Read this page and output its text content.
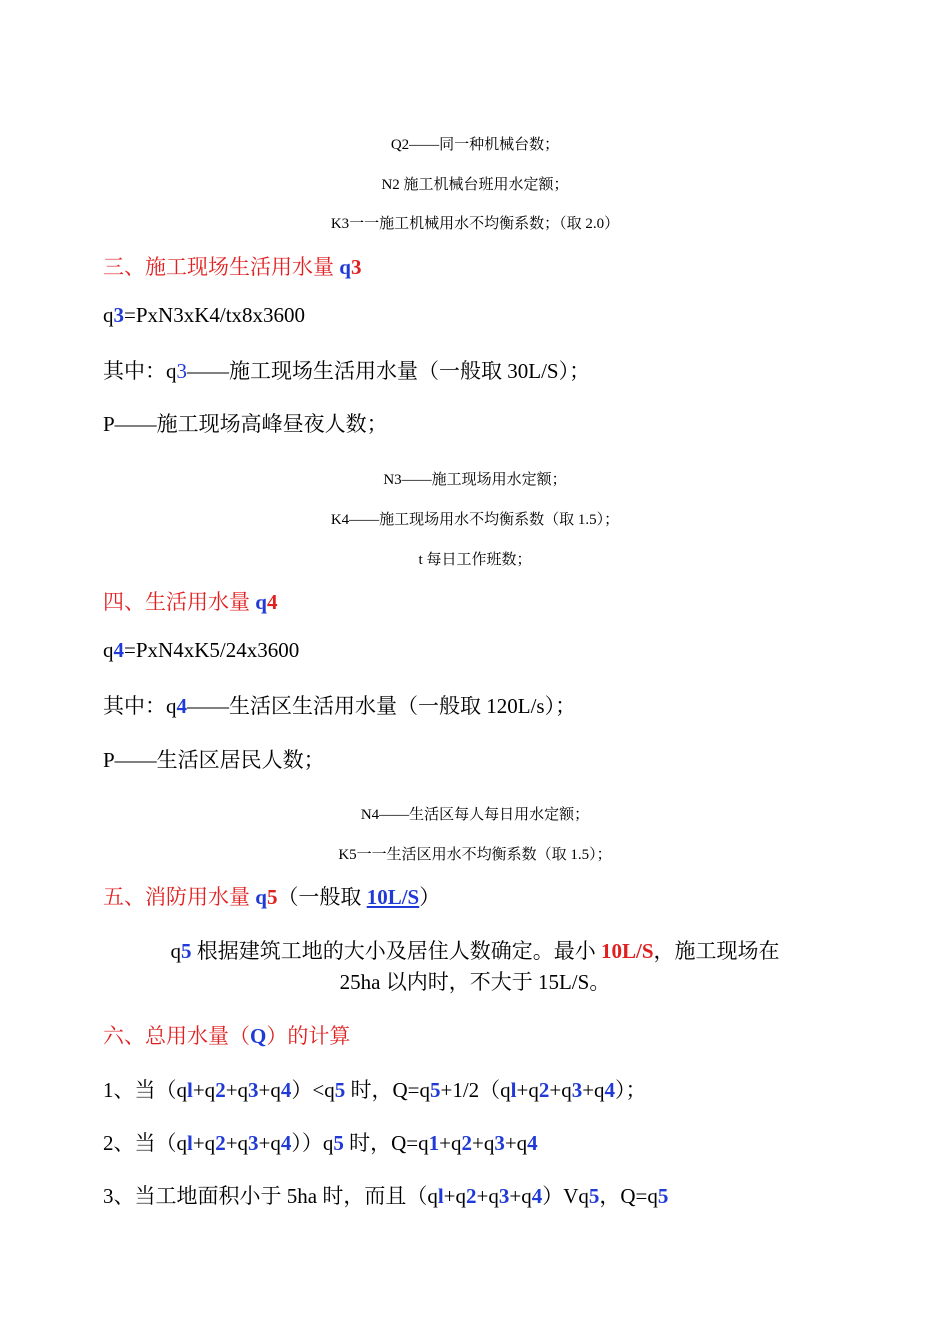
Q2——同一种机械台数；
N2 施工机械台班用水定额；
K3一一施工机械用水不均衡系数；（取 2.0）
三、施工现场生活用水量 q3
q3=PxN3xK4/tx8x3600
其中：q3——施工现场生活用水量（一般取 30L/S）；
P——施工现场高峰昼夜人数；
N3——施工现场用水定额；
K4——施工现场用水不均衡系数（取 1.5）；
t 每日工作班数；
四、生活用水量 q4
q4=PxN4xK5/24x3600
其中：q4——生活区生活用水量（一般取 120L/s）；
P——生活区居民人数；
N4——生活区每人每日用水定额；
K5一一生活区用水不均衡系数（取 1.5）；
五、消防用水量 q5（一般取 10L/S）
q5 根据建筑工地的大小及居住人数确定。最小 10L/S，施工现场在
25ha 以内时，不大于 15L/S。
六、总用水量（Q）的计算
1、当（ql+q2+q3+q4）<q5 时，Q=q5+1/2（ql+q2+q3+q4）；
2、当（ql+q2+q3+q4））q5 时，Q=q1+q2+q3+q4
3、当工地面积小于 5ha 时，而且（ql+q2+q3+q4）Vq5，Q=q5
